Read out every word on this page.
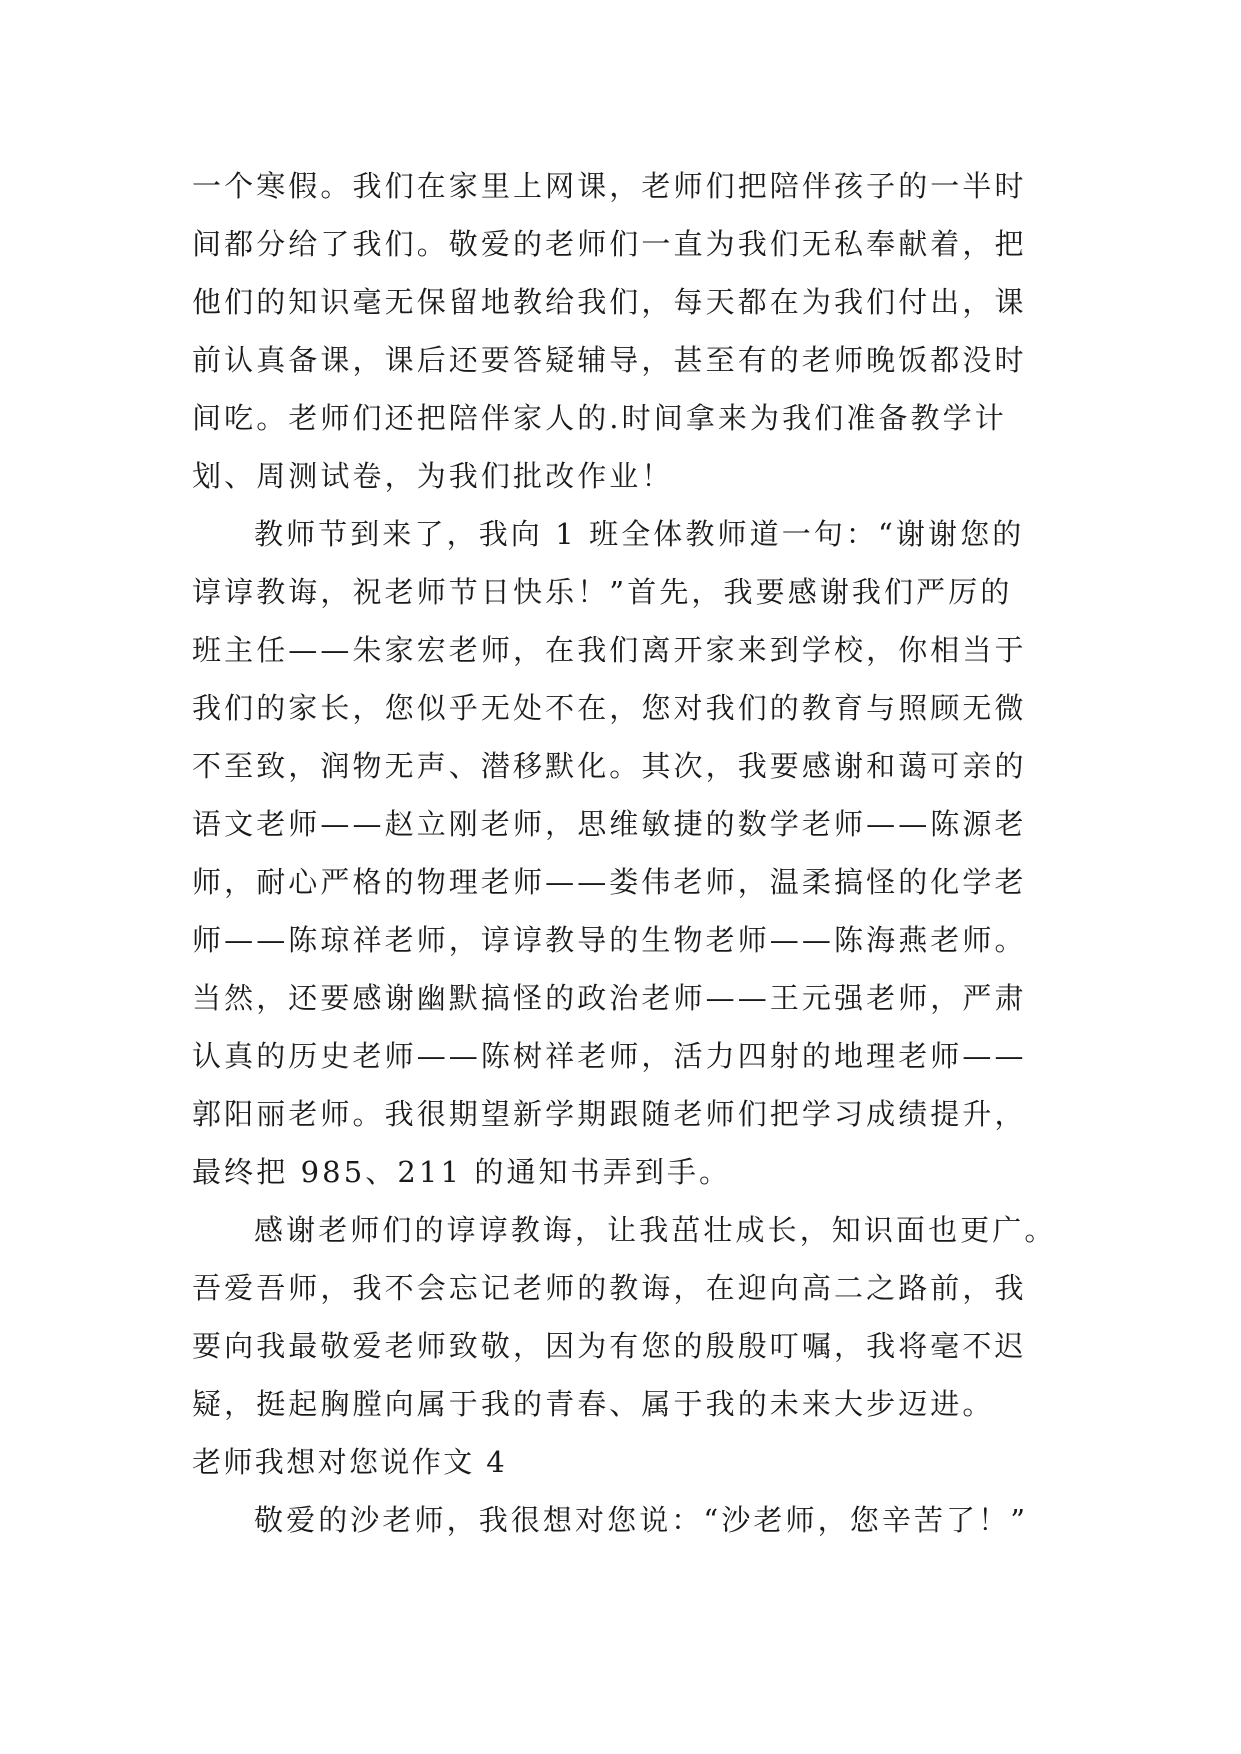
一个寒假。我们在家里上网课，老师们把陪伴孩子的一半时
间都分给了我们。敬爱的老师们一直为我们无私奉献着，把
他们的知识毫无保留地教给我们，每天都在为我们付出，课
前认真备课，课后还要答疑辅导，甚至有的老师晚饭都没时
间吃。老师们还把陪伴家人的.时间拿来为我们准备教学计
划、周测试卷，为我们批改作业！
教师节到来了，我向 1 班全体教师道一句：“谢谢您的
谆谆教诲，祝老师节日快乐！”首先，我要感谢我们严厉的
班主任——朱家宏老师，在我们离开家来到学校，你相当于
我们的家长，您似乎无处不在，您对我们的教育与照顾无微
不至致，润物无声、潜移默化。其次，我要感谢和蔼可亲的
语文老师——赵立刚老师，思维敏捷的数学老师——陈源老
师，耐心严格的物理老师——娄伟老师，温柔搞怪的化学老
师——陈琼祥老师，谆谆教导的生物老师——陈海燕老师。
当然，还要感谢幽默搞怪的政治老师——王元强老师，严肃
认真的历史老师——陈树祥老师，活力四射的地理老师——
郭阳丽老师。我很期望新学期跟随老师们把学习成绩提升，
最终把 985、211 的通知书弄到手。
感谢老师们的谆谆教诲，让我茁壮成长，知识面也更广。
吾爱吾师，我不会忘记老师的教诲，在迎向高二之路前，我
要向我最敬爱老师致敬，因为有您的殷殷叮嘱，我将毫不迟
疑，挺起胸膛向属于我的青春、属于我的未来大步迈进。
老师我想对您说作文 4
敬爱的沙老师，我很想对您说：“沙老师，您辛苦了！”
